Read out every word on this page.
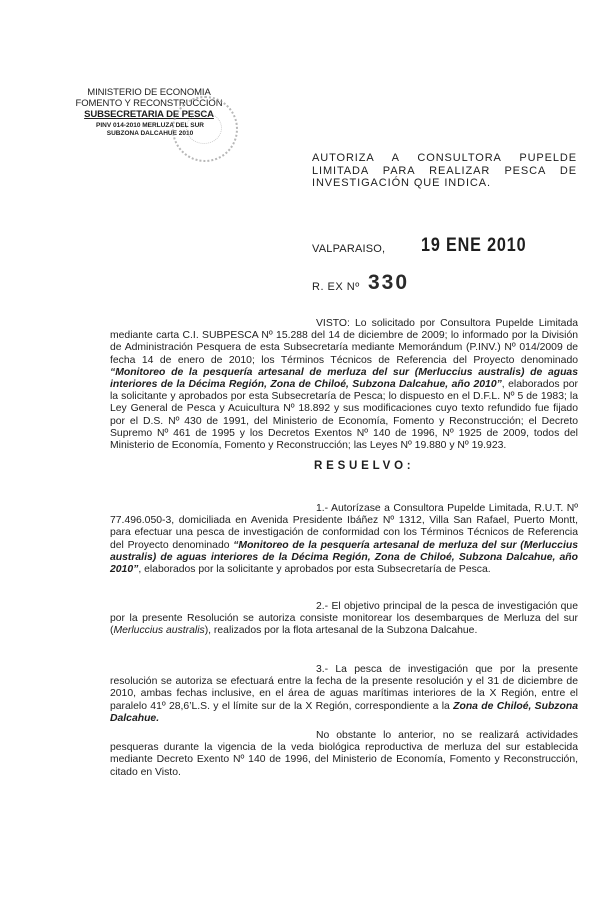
MINISTERIO DE ECONOMIA
FOMENTO Y RECONSTRUCCION
SUBSECRETARIA DE PESCA
PINV 014-2010 MERLUZA DEL SUR
SUBZONA DALCAHUE 2010
AUTORIZA A CONSULTORA PUPELDE LIMITADA PARA REALIZAR PESCA DE INVESTIGACIÓN QUE INDICA.
VALPARAISO, 19 ENE 2010
R. EX Nº 330
VISTO: Lo solicitado por Consultora Pupelde Limitada mediante carta C.I. SUBPESCA Nº 15.288 del 14 de diciembre de 2009; lo informado por la División de Administración Pesquera de esta Subsecretaría mediante Memorándum (P.INV.) Nº 014/2009 de fecha 14 de enero de 2010; los Términos Técnicos de Referencia del Proyecto denominado “Monitoreo de la pesquería artesanal de merluza del sur (Merluccius australis) de aguas interiores de la Décima Región, Zona de Chiloé, Subzona Dalcahue, año 2010”, elaborados por la solicitante y aprobados por esta Subsecretaría de Pesca; lo dispuesto en el D.F.L. Nº 5 de 1983; la Ley General de Pesca y Acuicultura Nº 18.892 y sus modificaciones cuyo texto refundido fue fijado por el D.S. Nº 430 de 1991, del Ministerio de Economía, Fomento y Reconstrucción; el Decreto Supremo Nº 461 de 1995 y los Decretos Exentos Nº 140 de 1996, Nº 1925 de 2009, todos del Ministerio de Economía, Fomento y Reconstrucción; las Leyes Nº 19.880 y Nº 19.923.
RESUELVO:
1.- Autorízase a Consultora Pupelde Limitada, R.U.T. Nº 77.496.050-3, domiciliada en Avenida Presidente Ibáñez Nº 1312, Villa San Rafael, Puerto Montt, para efectuar una pesca de investigación de conformidad con los Términos Técnicos de Referencia del Proyecto denominado “Monitoreo de la pesquería artesanal de merluza del sur (Merluccius australis) de aguas interiores de la Décima Región, Zona de Chiloé, Subzona Dalcahue, año 2010”, elaborados por la solicitante y aprobados por esta Subsecretaría de Pesca.
2.- El objetivo principal de la pesca de investigación que por la presente Resolución se autoriza consiste monitorear los desembarques de Merluza del sur (Merluccius australis), realizados por la flota artesanal de la Subzona Dalcahue.
3.- La pesca de investigación que por la presente resolución se autoriza se efectuará entre la fecha de la presente resolución y el 31 de diciembre de 2010, ambas fechas inclusive, en el área de aguas marítimas interiores de la X Región, entre el paralelo 41º 28,6’L.S. y el límite sur de la X Región, correspondiente a la Zona de Chiloé, Subzona Dalcahue.
No obstante lo anterior, no se realizará actividades pesqueras durante la vigencia de la veda biológica reproductiva de merluza del sur establecida mediante Decreto Exento Nº 140 de 1996, del Ministerio de Economía, Fomento y Reconstrucción, citado en Visto.
